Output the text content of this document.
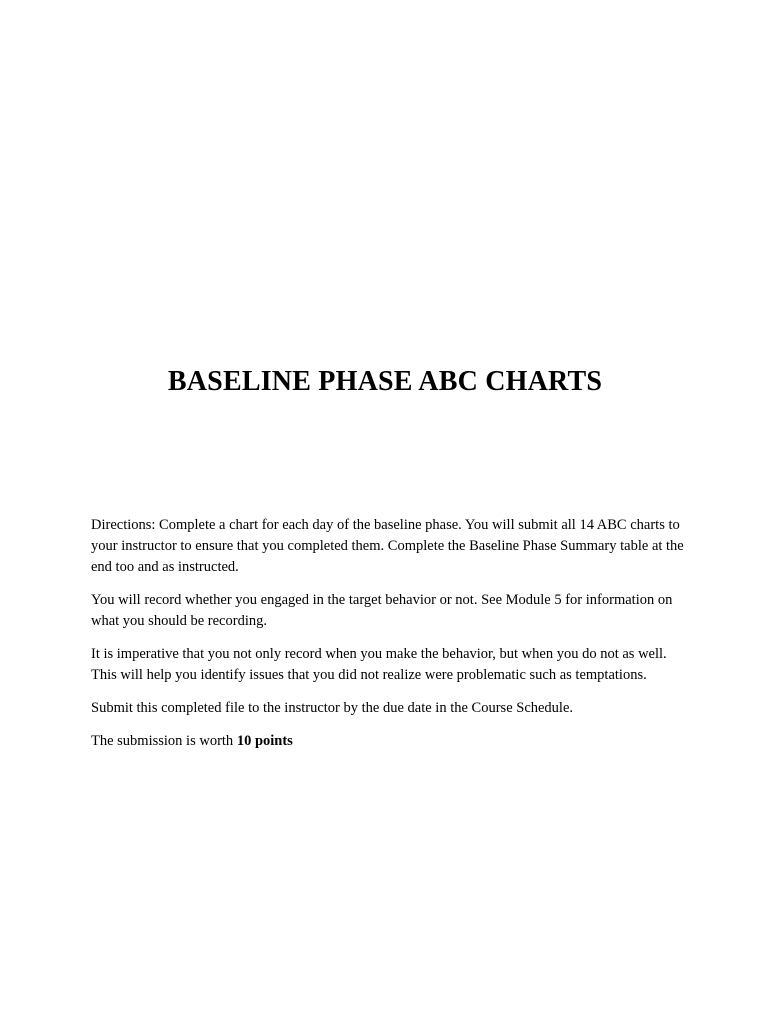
BASELINE PHASE ABC CHARTS

Directions: Complete a chart for each day of the baseline phase. You will submit all 14 ABC charts to your instructor to ensure that you completed them. Complete the Baseline Phase Summary table at the end too and as instructed.

You will record whether you engaged in the target behavior or not. See Module 5 for information on what you should be recording.

It is imperative that you not only record when you make the behavior, but when you do not as well. This will help you identify issues that you did not realize were problematic such as temptations.

Submit this completed file to the instructor by the due date in the Course Schedule.

The submission is worth 10 points
